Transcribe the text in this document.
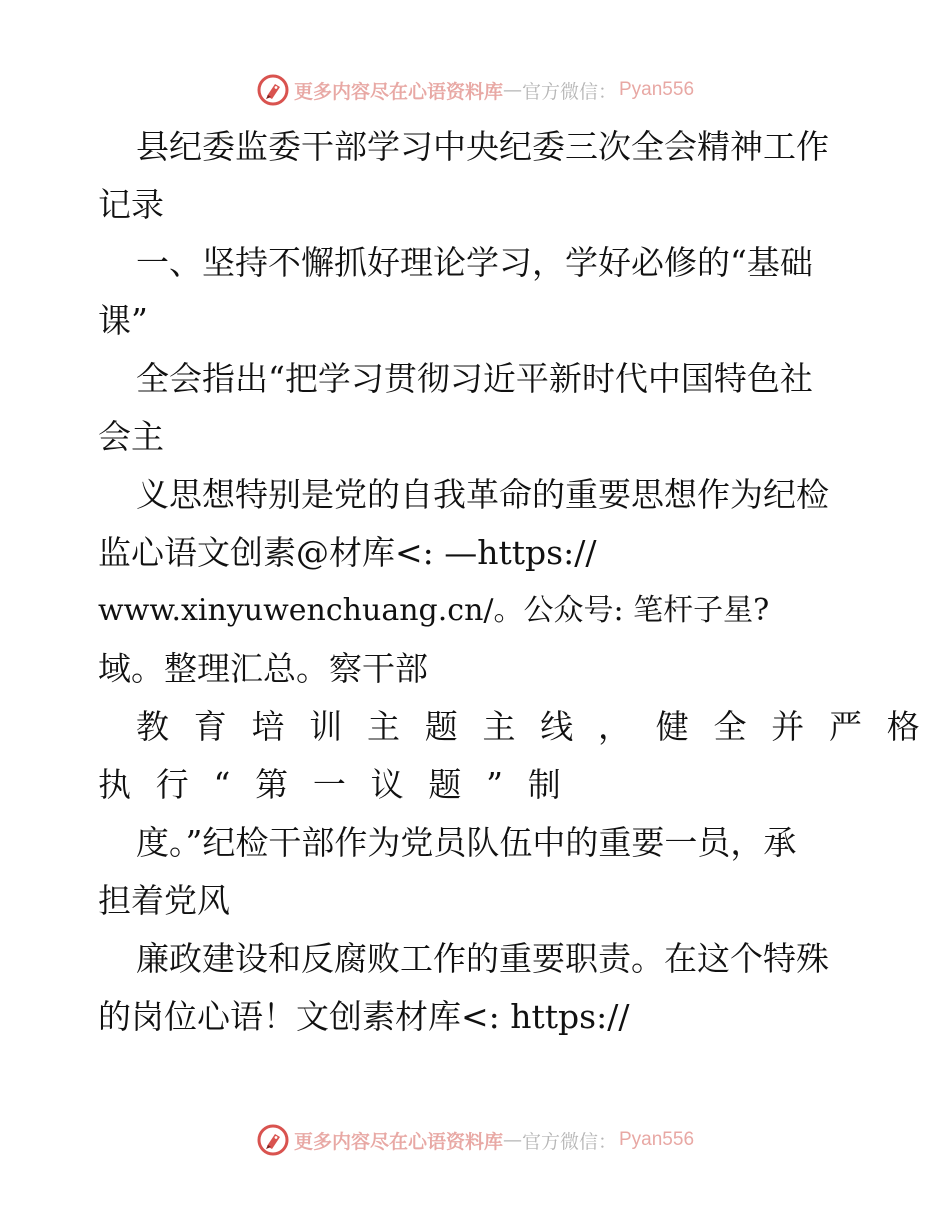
更多内容尽在心语资料库 — 官方微信： Pyan556
县纪委监委干部学习中央纪委三次全会精神工作
记录
一、坚持不懈抓好理论学习，学好必修的“基础
课”
全会指出“把学习贯彻习近平新时代中国特色社
会主
义思想特别是党的自我革命的重要思想作为纪检
监心语文创素@材库<: —https://
www.xinyuwenchuang.cn/。公众号: 笔杆子星?
域。整理汇总。察干部
教育培训主题主线，健全并严格
执行“第一议题”制
度。”纪检干部作为党员队伍中的重要一员，承
担着党风
廉政建设和反腐败工作的重要职责。在这个特殊
的岗位心语！文创素材库<: https://
更多内容尽在心语资料库 — 官方微信： Pyan556
